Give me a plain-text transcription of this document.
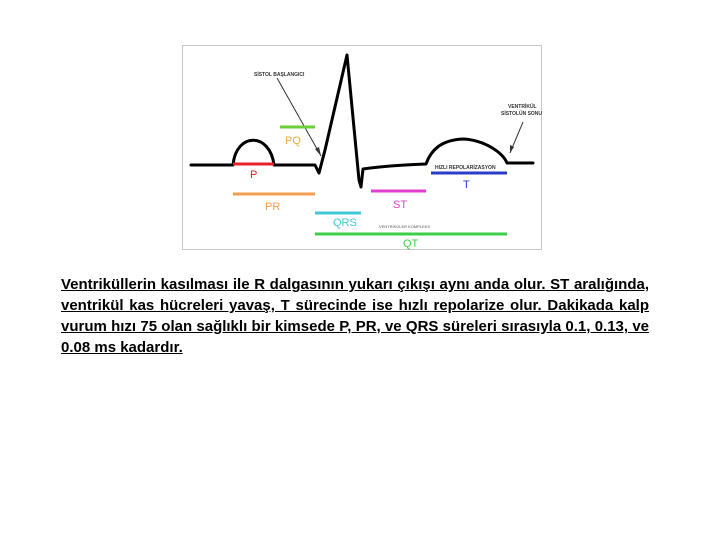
SİSTOL BAŞLANGICI
VENTRİKÜL
SİSTOLÜN SONU
HIZLI REPOLARİZASYON
VENTRİKÜLER KOMPLEKS
P
PQ
PR
QRS
ST
T
QT

Ventriküllerin kasılması ile R dalgasının yukarı çıkışı aynı anda olur. ST aralığında, ventrikül kas hücreleri yavaş, T sürecinde ise hızlı repolarize olur. Dakikada kalp vurum hızı 75 olan sağlıklı bir kimsede P, PR, ve QRS süreleri sırasıyla 0.1, 0.13, ve 0.08 ms kadardır.
